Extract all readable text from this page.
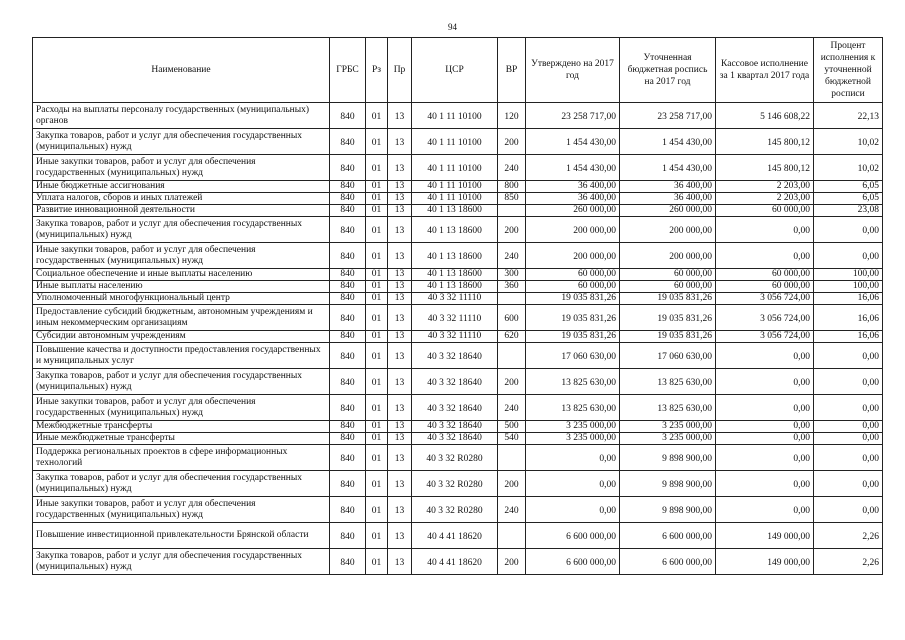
94
Наименование	ГРБС	Рз	Пр	ЦСР	ВР	Утверждено на 2017 год	Уточненная бюджетная роспись на 2017 год	Кассовое исполнение за 1 квартал 2017 года	Процент исполнения к уточненной бюджетной росписи
Расходы на выплаты персоналу государственных (муниципальных) органов	840	01	13	40 1 11 10100	120	23 258 717,00	23 258 717,00	5 146 608,22	22,13
Закупка товаров, работ и услуг для обеспечения государственных (муниципальных) нужд	840	01	13	40 1 11 10100	200	1 454 430,00	1 454 430,00	145 800,12	10,02
Иные закупки товаров, работ и услуг для обеспечения государственных (муниципальных) нужд	840	01	13	40 1 11 10100	240	1 454 430,00	1 454 430,00	145 800,12	10,02
Иные бюджетные ассигнования	840	01	13	40 1 11 10100	800	36 400,00	36 400,00	2 203,00	6,05
Уплата налогов, сборов и иных платежей	840	01	13	40 1 11 10100	850	36 400,00	36 400,00	2 203,00	6,05
Развитие инновационной деятельности	840	01	13	40 1 13 18600		260 000,00	260 000,00	60 000,00	23,08
Закупка товаров, работ и услуг для обеспечения государственных (муниципальных) нужд	840	01	13	40 1 13 18600	200	200 000,00	200 000,00	0,00	0,00
Иные закупки товаров, работ и услуг для обеспечения государственных (муниципальных) нужд	840	01	13	40 1 13 18600	240	200 000,00	200 000,00	0,00	0,00
Социальное обеспечение и иные выплаты населению	840	01	13	40 1 13 18600	300	60 000,00	60 000,00	60 000,00	100,00
Иные выплаты населению	840	01	13	40 1 13 18600	360	60 000,00	60 000,00	60 000,00	100,00
Уполномоченный многофункциональный центр	840	01	13	40 3 32 11110		19 035 831,26	19 035 831,26	3 056 724,00	16,06
Предоставление субсидий бюджетным, автономным учреждениям и иным некоммерческим организациям	840	01	13	40 3 32 11110	600	19 035 831,26	19 035 831,26	3 056 724,00	16,06
Субсидии автономным учреждениям	840	01	13	40 3 32 11110	620	19 035 831,26	19 035 831,26	3 056 724,00	16,06
Повышение качества и доступности предоставления государственных и муниципальных услуг	840	01	13	40 3 32 18640		17 060 630,00	17 060 630,00	0,00	0,00
Закупка товаров, работ и услуг для обеспечения государственных (муниципальных) нужд	840	01	13	40 3 32 18640	200	13 825 630,00	13 825 630,00	0,00	0,00
Иные закупки товаров, работ и услуг для обеспечения государственных (муниципальных) нужд	840	01	13	40 3 32 18640	240	13 825 630,00	13 825 630,00	0,00	0,00
Межбюджетные трансферты	840	01	13	40 3 32 18640	500	3 235 000,00	3 235 000,00	0,00	0,00
Иные межбюджетные трансферты	840	01	13	40 3 32 18640	540	3 235 000,00	3 235 000,00	0,00	0,00
Поддержка региональных проектов в сфере информационных технологий	840	01	13	40 3 32 R0280		0,00	9 898 900,00	0,00	0,00
Закупка товаров, работ и услуг для обеспечения государственных (муниципальных) нужд	840	01	13	40 3 32 R0280	200	0,00	9 898 900,00	0,00	0,00
Иные закупки товаров, работ и услуг для обеспечения государственных (муниципальных) нужд	840	01	13	40 3 32 R0280	240	0,00	9 898 900,00	0,00	0,00
Повышение инвестиционной привлекательности Брянской области	840	01	13	40 4 41 18620		6 600 000,00	6 600 000,00	149 000,00	2,26
Закупка товаров, работ и услуг для обеспечения государственных (муниципальных) нужд	840	01	13	40 4 41 18620	200	6 600 000,00	6 600 000,00	149 000,00	2,26
